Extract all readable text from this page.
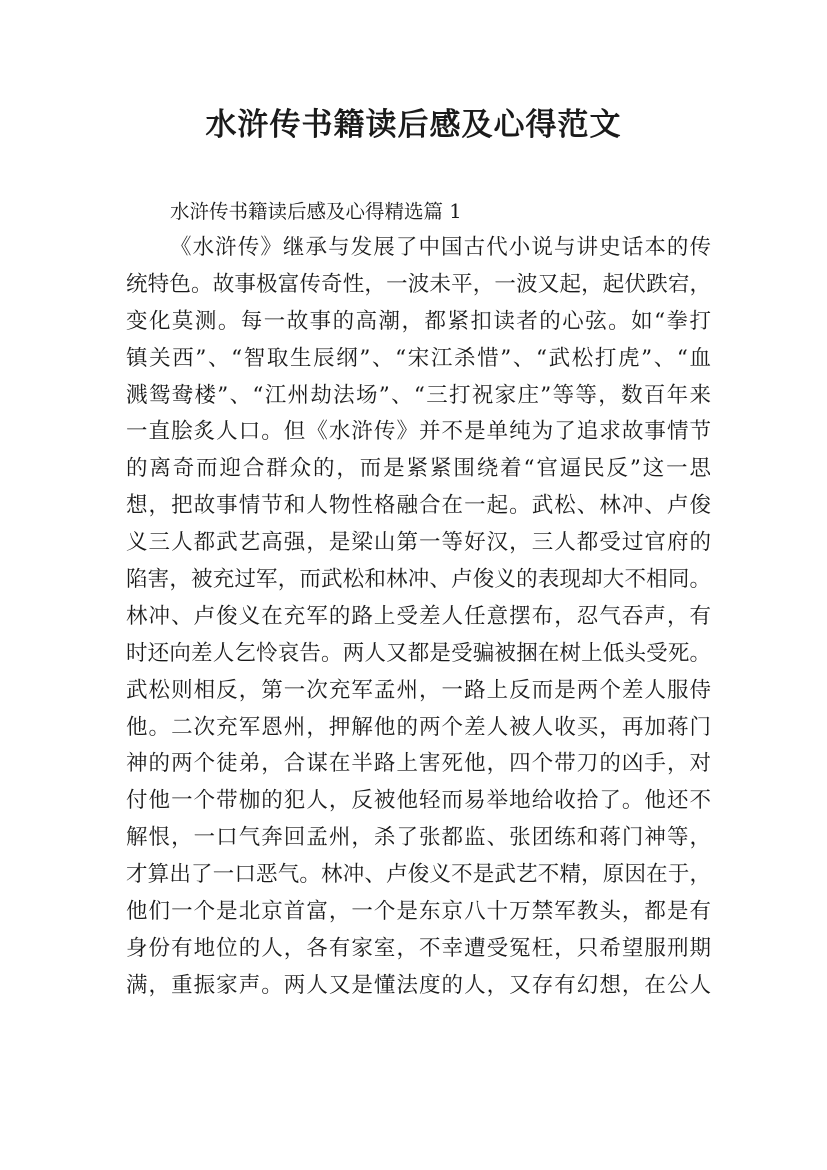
水浒传书籍读后感及心得范文

水浒传书籍读后感及心得精选篇 1

《水浒传》继承与发展了中国古代小说与讲史话本的传
统特色。故事极富传奇性，一波未平，一波又起，起伏跌宕，
变化莫测。每一故事的高潮，都紧扣读者的心弦。如“拳打
镇关西”、“智取生辰纲”、“宋江杀惜”、“武松打虎”、“血
溅鸳鸯楼”、“江州劫法场”、“三打祝家庄”等等，数百年来
一直脍炙人口。但《水浒传》并不是单纯为了追求故事情节
的离奇而迎合群众的，而是紧紧围绕着“官逼民反”这一思
想，把故事情节和人物性格融合在一起。武松、林冲、卢俊
义三人都武艺高强，是梁山第一等好汉，三人都受过官府的
陷害，被充过军，而武松和林冲、卢俊义的表现却大不相同。
林冲、卢俊义在充军的路上受差人任意摆布，忍气吞声，有
时还向差人乞怜哀告。两人又都是受骗被捆在树上低头受死。
武松则相反，第一次充军孟州，一路上反而是两个差人服侍
他。二次充军恩州，押解他的两个差人被人收买，再加蒋门
神的两个徒弟，合谋在半路上害死他，四个带刀的凶手，对
付他一个带枷的犯人，反被他轻而易举地给收拾了。他还不
解恨，一口气奔回孟州，杀了张都监、张团练和蒋门神等，
才算出了一口恶气。林冲、卢俊义不是武艺不精，原因在于，
他们一个是北京首富，一个是东京八十万禁军教头，都是有
身份有地位的人，各有家室，不幸遭受冤枉，只希望服刑期
满，重振家声。两人又是懂法度的人，又存有幻想，在公人
